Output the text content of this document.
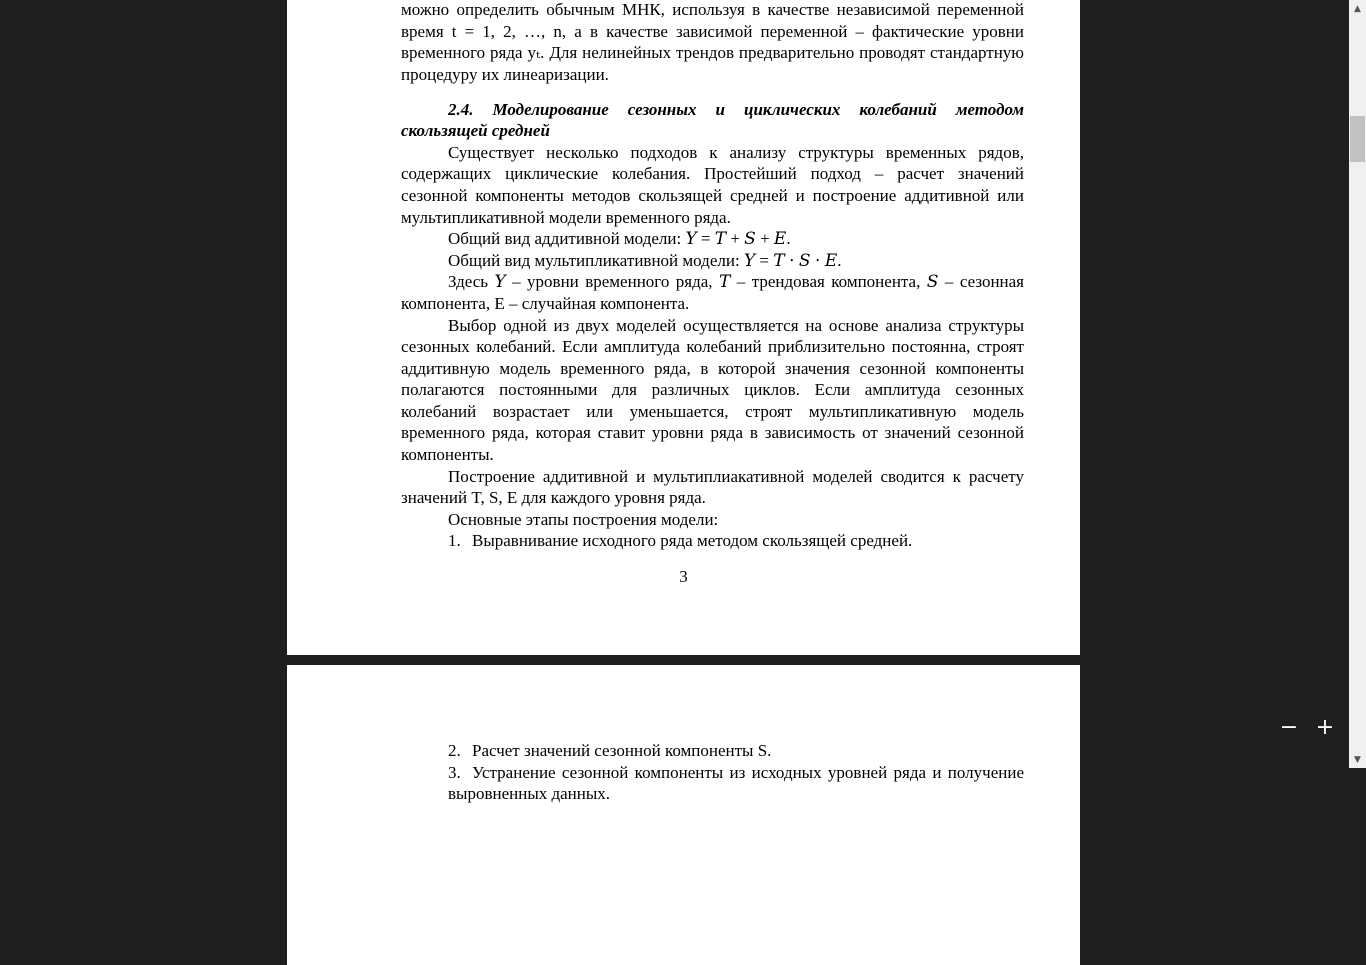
можно определить обычным МНК, используя в качестве независимой переменной время t = 1, 2, …, n, а в качестве зависимой переменной – фактические уровни временного ряда yₜ. Для нелинейных трендов предварительно проводят стандартную процедуру их линеаризации.

2.4. Моделирование сезонных и циклических колебаний методом скользящей средней

Существует несколько подходов к анализу структуры временных рядов, содержащих циклические колебания. Простейший подход – расчет значений сезонной компоненты методов скользящей средней и построение аддитивной или мультипликативной модели временного ряда.

Общий вид аддитивной модели: 𝑌 = 𝑇 + 𝑆 + 𝐸.

Общий вид мультипликативной модели: 𝑌 = 𝑇 ⋅ 𝑆 ⋅ 𝐸.

Здесь 𝑌 – уровни временного ряда, 𝑇 – трендовая компонента, 𝑆 – сезонная компонента, E – случайная компонента.

Выбор одной из двух моделей осуществляется на основе анализа структуры сезонных колебаний. Если амплитуда колебаний приблизительно постоянна, строят аддитивную модель временного ряда, в которой значения сезонной компоненты полагаются постоянными для различных циклов. Если амплитуда сезонных колебаний возрастает или уменьшается, строят мультипликативную модель временного ряда, которая ставит уровни ряда в зависимость от значений сезонной компоненты.

Построение аддитивной и мультиплиакативной моделей сводится к расчету значений T, S, E для каждого уровня ряда.

Основные этапы построения модели:

1. Выравнивание исходного ряда методом скользящей средней.

3

2. Расчет значений сезонной компоненты S.

3. Устранение сезонной компоненты из исходных уровней ряда и получение выровненных данных.

▲
▼
− +
